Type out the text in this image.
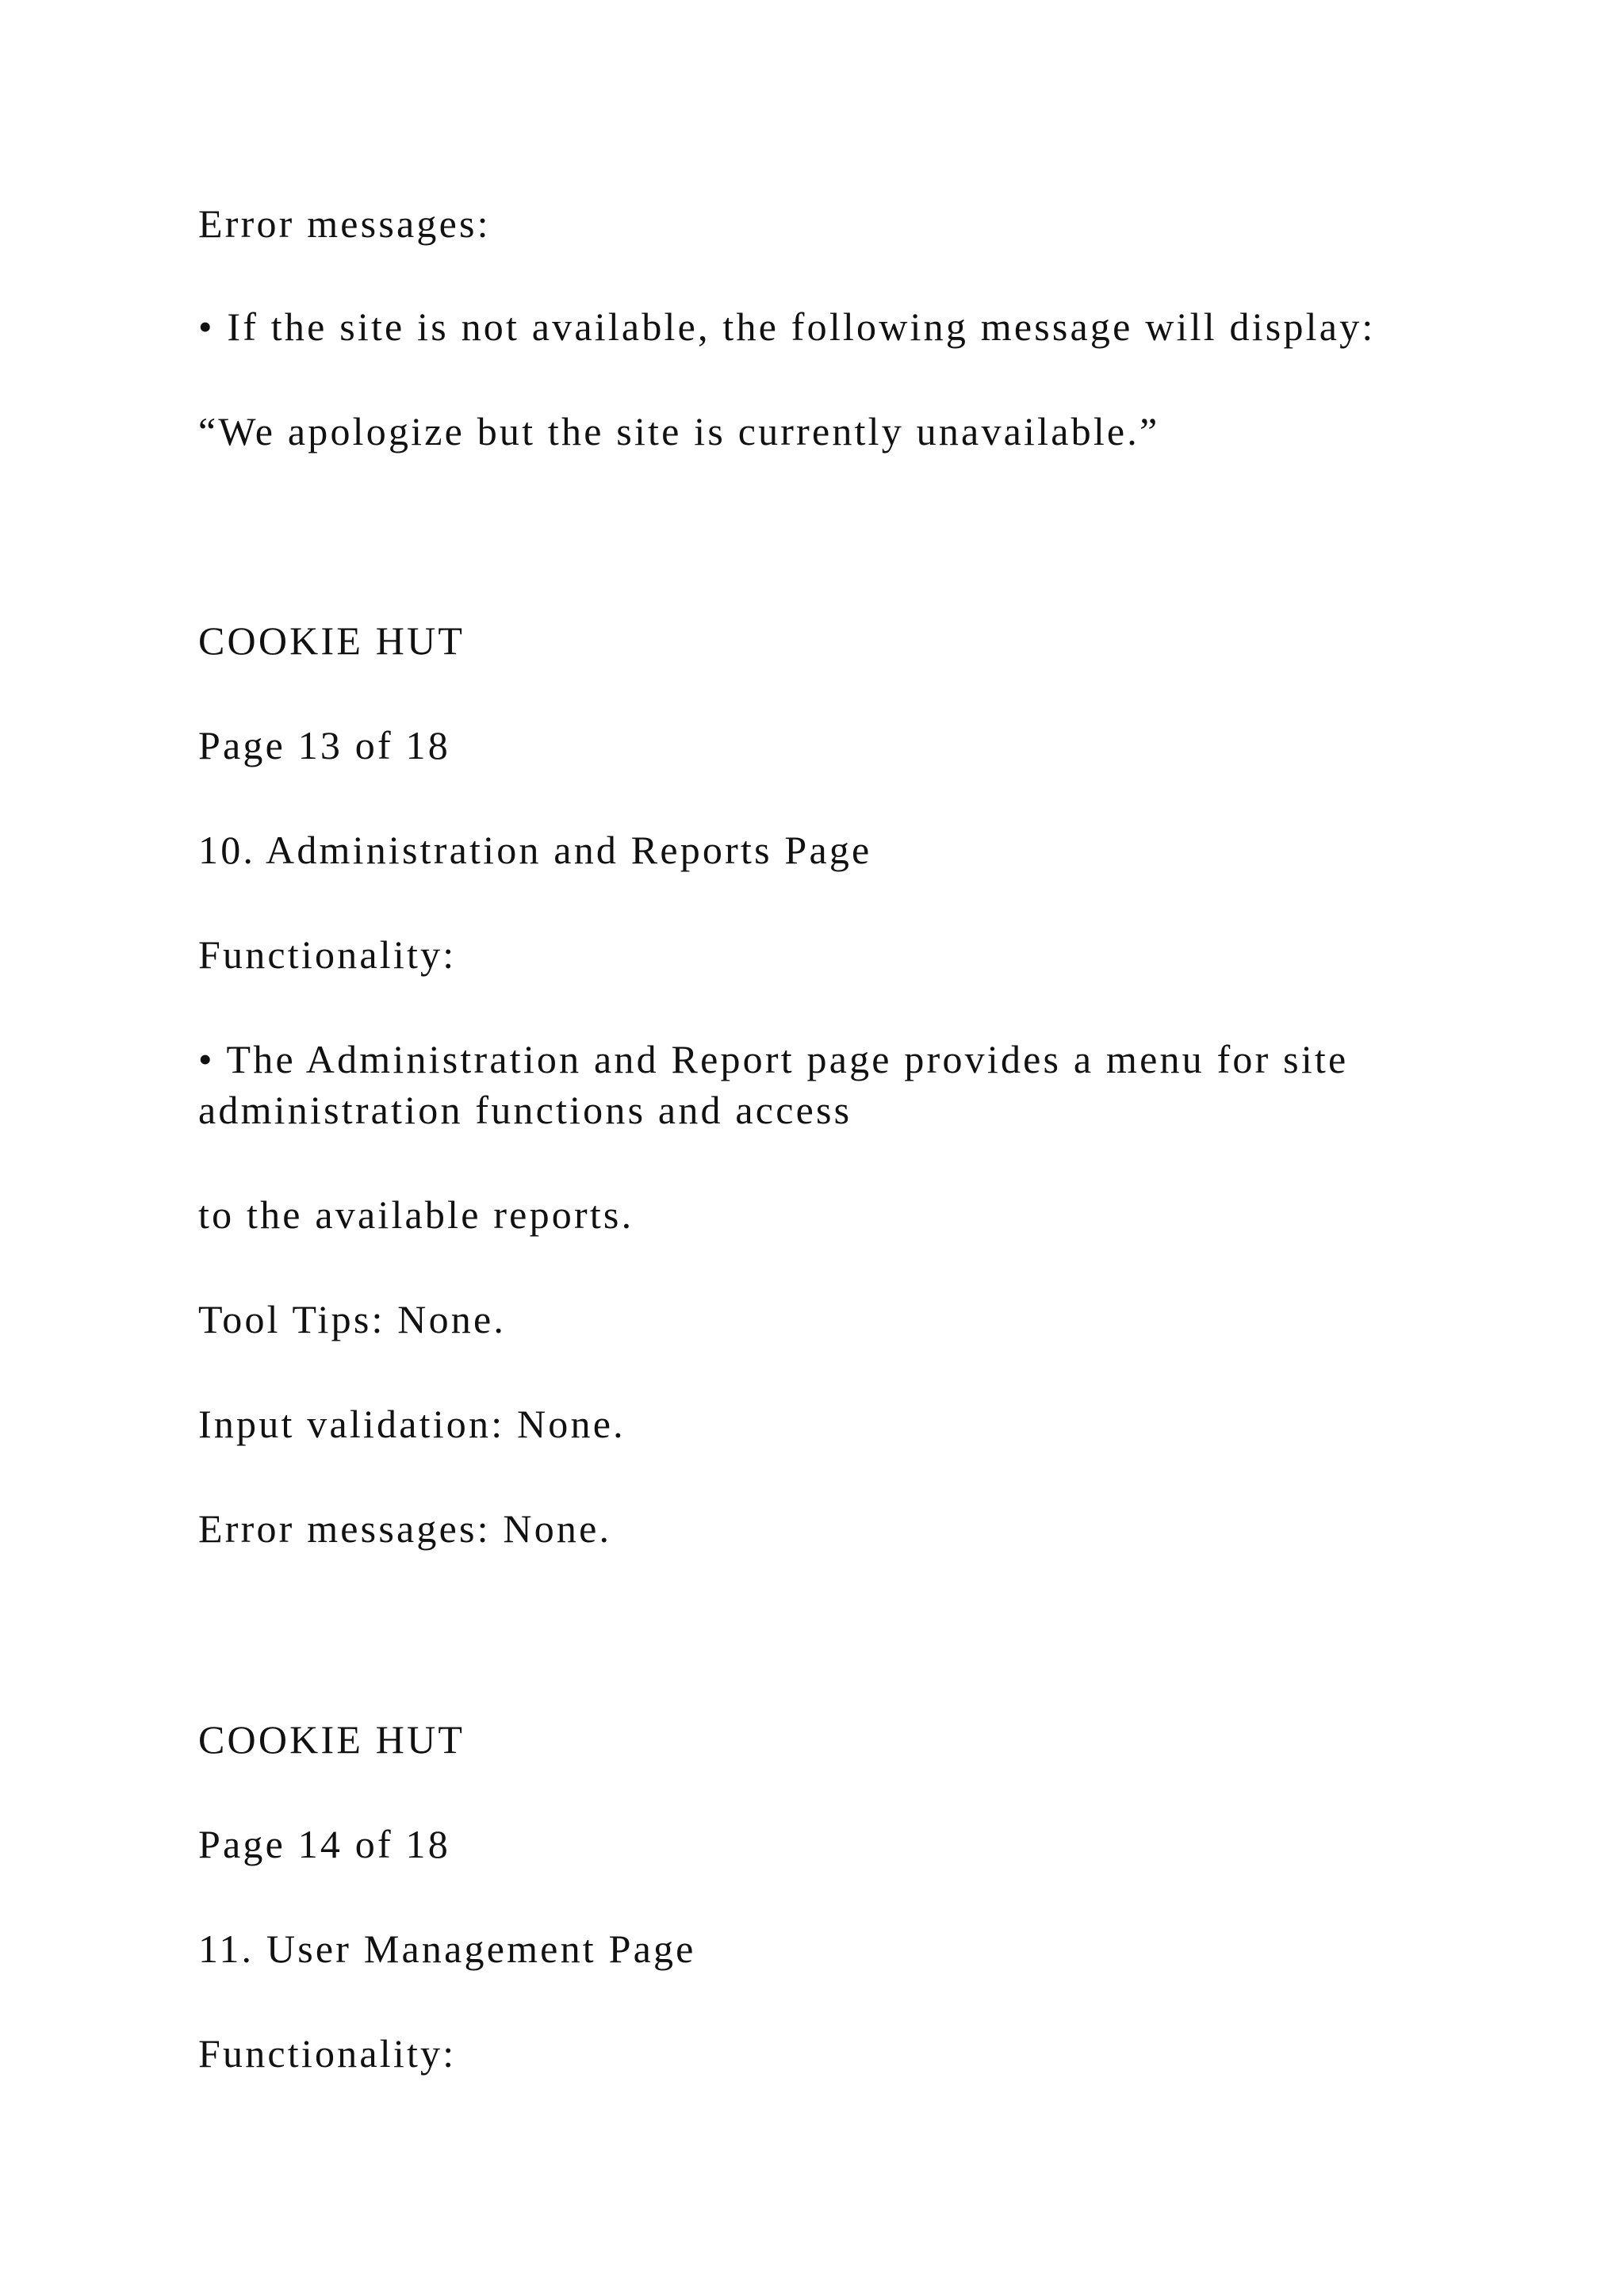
Error messages:

• If the site is not available, the following message will display:

“We apologize but the site is currently unavailable.”

COOKIE HUT

Page 13 of 18

10. Administration and Reports Page

Functionality:

• The Administration and Report page provides a menu for site
administration functions and access

to the available reports.

Tool Tips: None.

Input validation: None.

Error messages: None.

COOKIE HUT

Page 14 of 18

11. User Management Page

Functionality:
